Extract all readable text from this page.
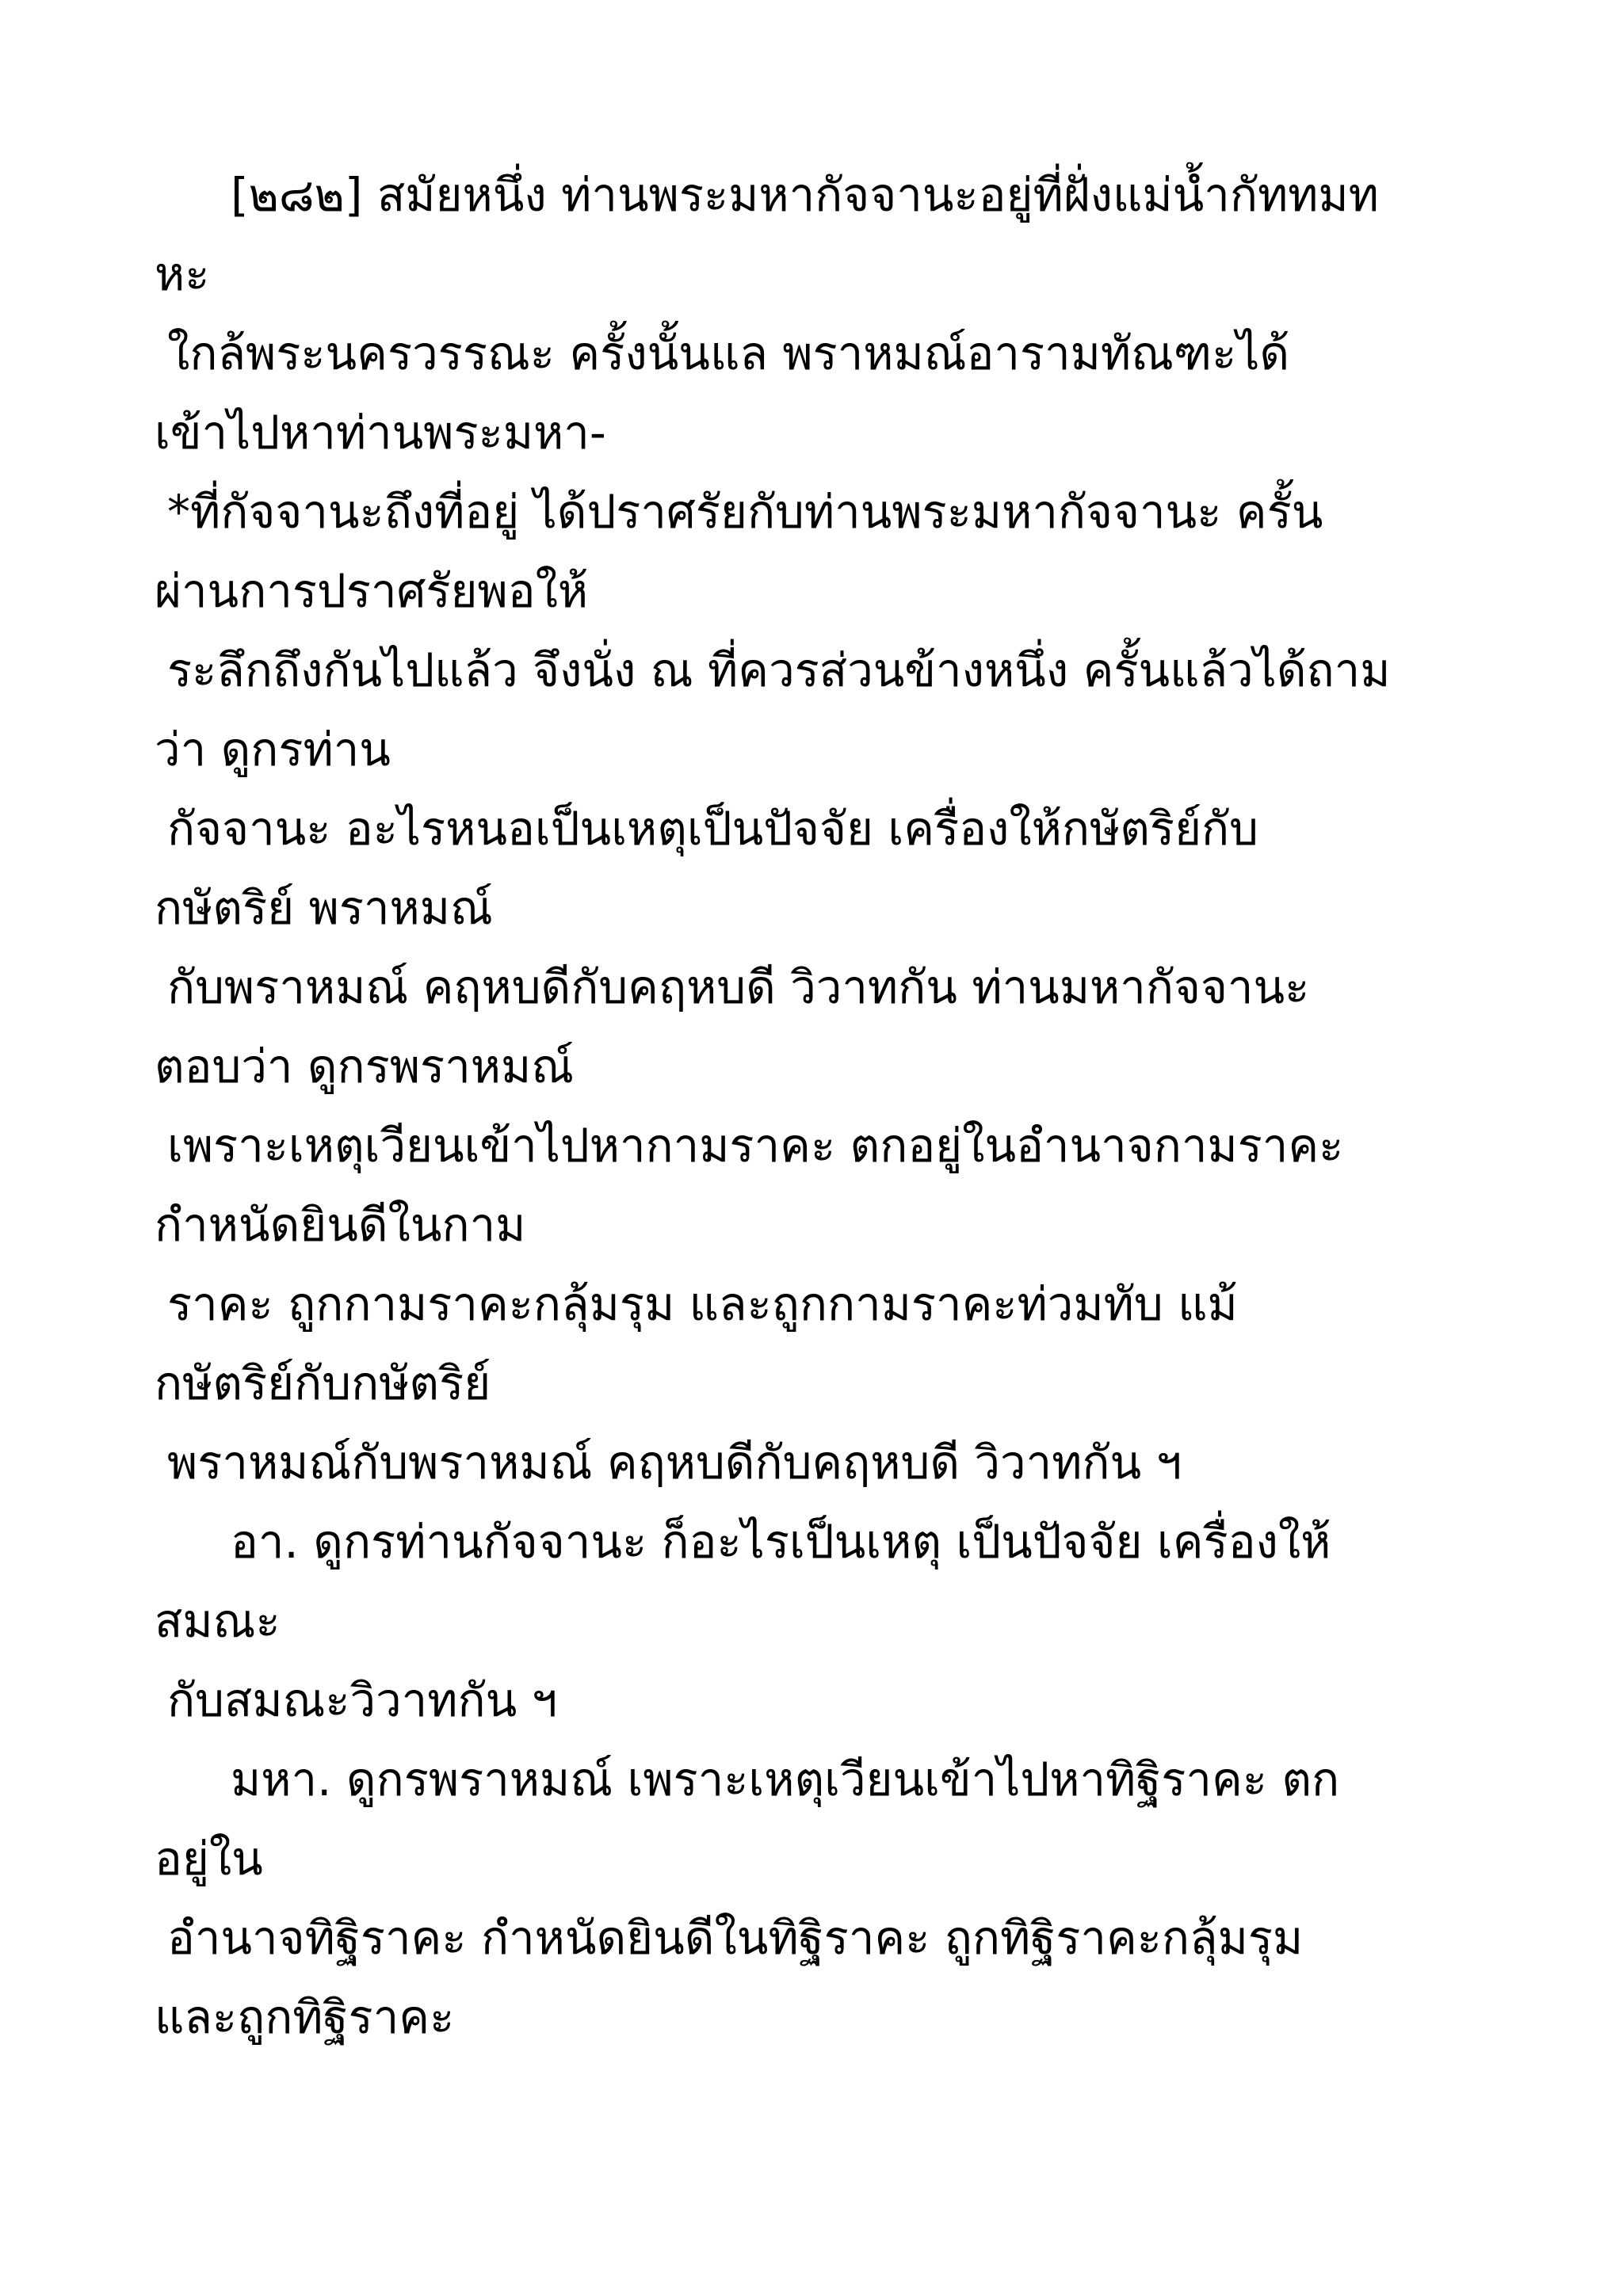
[๒๘๒] สมัยหนึ่ง ท่านพระมหากัจจานะอยู่ที่ฝั่งแม่น้ำกัททมท
หะ
ใกล้พระนครวรรณะ ครั้งนั้นแล พราหมณ์อารามทัณฑะได้
เข้าไปหาท่านพระมหา-
*ที่กัจจานะถึงที่อยู่ ได้ปราศรัยกับท่านพระมหากัจจานะ ครั้น
ผ่านการปราศรัยพอให้
ระลึกถึงกันไปแล้ว จึงนั่ง ณ ที่ควรส่วนข้างหนึ่ง ครั้นแล้วได้ถาม
ว่า ดูกรท่าน
กัจจานะ อะไรหนอเป็นเหตุเป็นปัจจัย เครื่องให้กษัตริย์กับ
กษัตริย์ พราหมณ์
กับพราหมณ์ คฤหบดีกับคฤหบดี วิวาทกัน ท่านมหากัจจานะ
ตอบว่า ดูกรพราหมณ์
เพราะเหตุเวียนเข้าไปหากามราคะ ตกอยู่ในอำนาจกามราคะ
กำหนัดยินดีในกาม
ราคะ ถูกกามราคะกลุ้มรุม และถูกกามราคะท่วมทับ แม้
กษัตริย์กับกษัตริย์
พราหมณ์กับพราหมณ์ คฤหบดีกับคฤหบดี วิวาทกัน ฯ
อา. ดูกรท่านกัจจานะ ก็อะไรเป็นเหตุ เป็นปัจจัย เครื่องให้
สมณะ
กับสมณะวิวาทกัน ฯ
มหา. ดูกรพราหมณ์ เพราะเหตุเวียนเข้าไปหาทิฐิราคะ ตก
อยู่ใน
อำนาจทิฐิราคะ กำหนัดยินดีในทิฐิราคะ ถูกทิฐิราคะกลุ้มรุม
และถูกทิฐิราคะ
